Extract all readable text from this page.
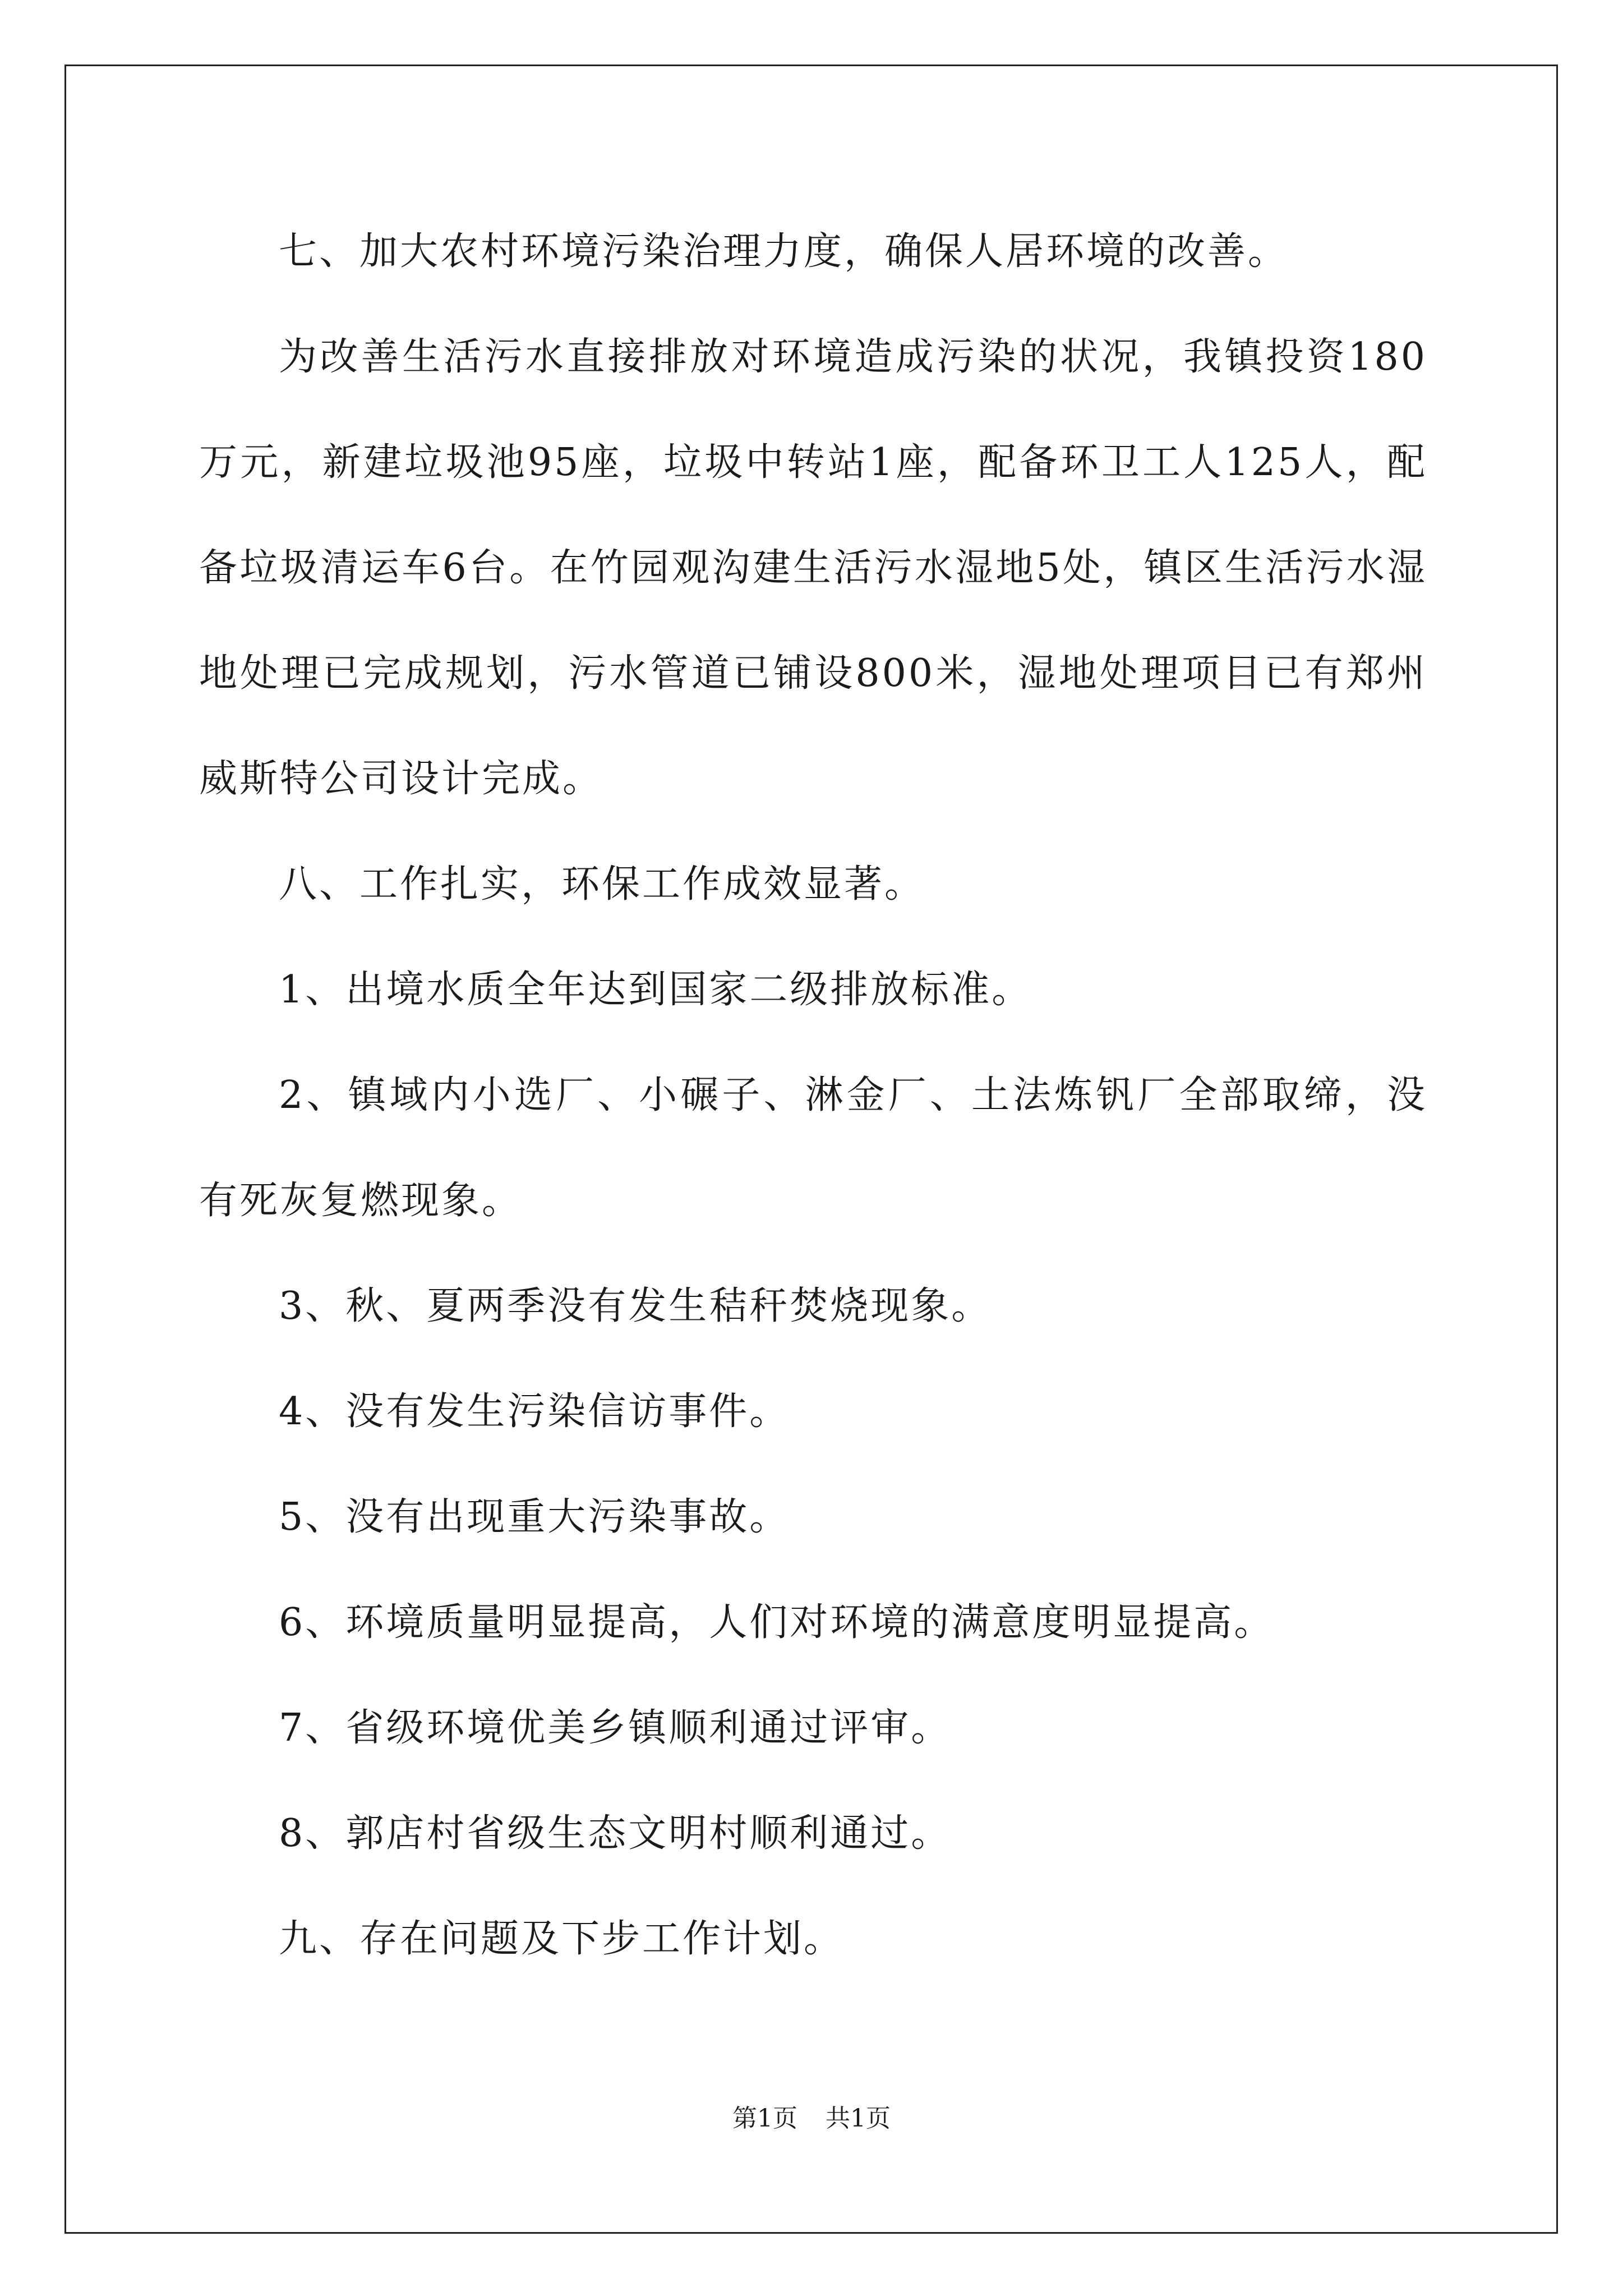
七、加大农村环境污染治理力度，确保人居环境的改善。

为改善生活污水直接排放对环境造成污染的状况，我镇投资180万元，新建垃圾池95座，垃圾中转站1座，配备环卫工人125人，配备垃圾清运车6台。在竹园观沟建生活污水湿地5处，镇区生活污水湿地处理已完成规划，污水管道已铺设800米，湿地处理项目已有郑州威斯特公司设计完成。

八、工作扎实，环保工作成效显著。

1、出境水质全年达到国家二级排放标准。

2、镇域内小选厂、小碾子、淋金厂、土法炼钒厂全部取缔，没有死灰复燃现象。

3、秋、夏两季没有发生秸秆焚烧现象。

4、没有发生污染信访事件。

5、没有出现重大污染事故。

6、环境质量明显提高，人们对环境的满意度明显提高。

7、省级环境优美乡镇顺利通过评审。

8、郭店村省级生态文明村顺利通过。

九、存在问题及下步工作计划。

第1页 共1页
